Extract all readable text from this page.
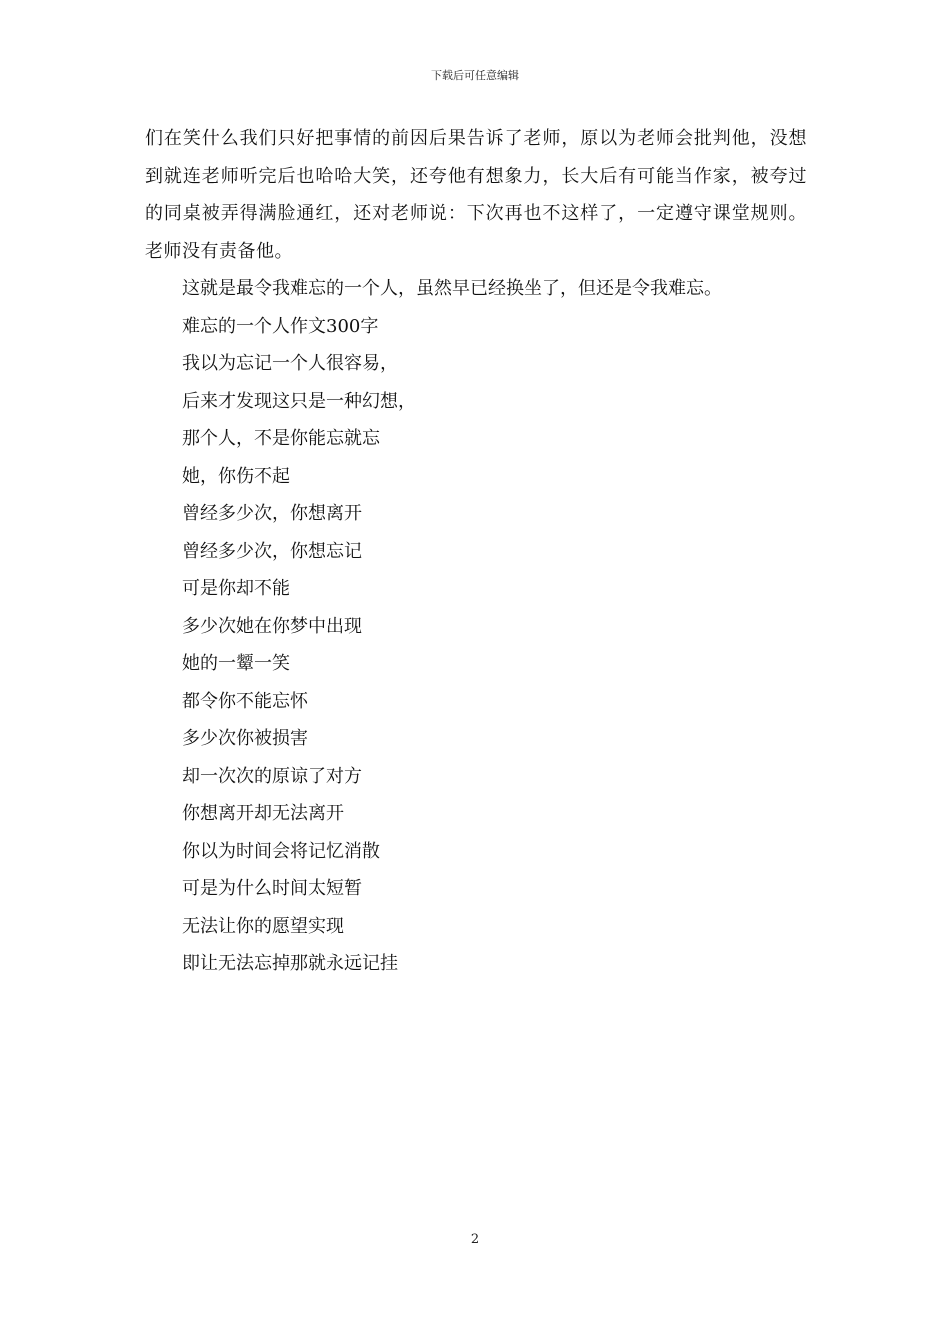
下载后可任意编辑

们在笑什么我们只好把事情的前因后果告诉了老师，原以为老师会批判他，没想到就连老师听完后也哈哈大笑，还夸他有想象力，长大后有可能当作家，被夸过的同桌被弄得满脸通红，还对老师说：下次再也不这样了，一定遵守课堂规则。老师没有责备他。

这就是最令我难忘的一个人，虽然早已经换坐了，但还是令我难忘。

难忘的一个人作文300字

我以为忘记一个人很容易，

后来才发现这只是一种幻想，

那个人，不是你能忘就忘

她，你伤不起

曾经多少次，你想离开

曾经多少次，你想忘记

可是你却不能

多少次她在你梦中出现

她的一颦一笑

都令你不能忘怀

多少次你被损害

却一次次的原谅了对方

你想离开却无法离开

你以为时间会将记忆消散

可是为什么时间太短暂

无法让你的愿望实现

即让无法忘掉那就永远记挂

2
